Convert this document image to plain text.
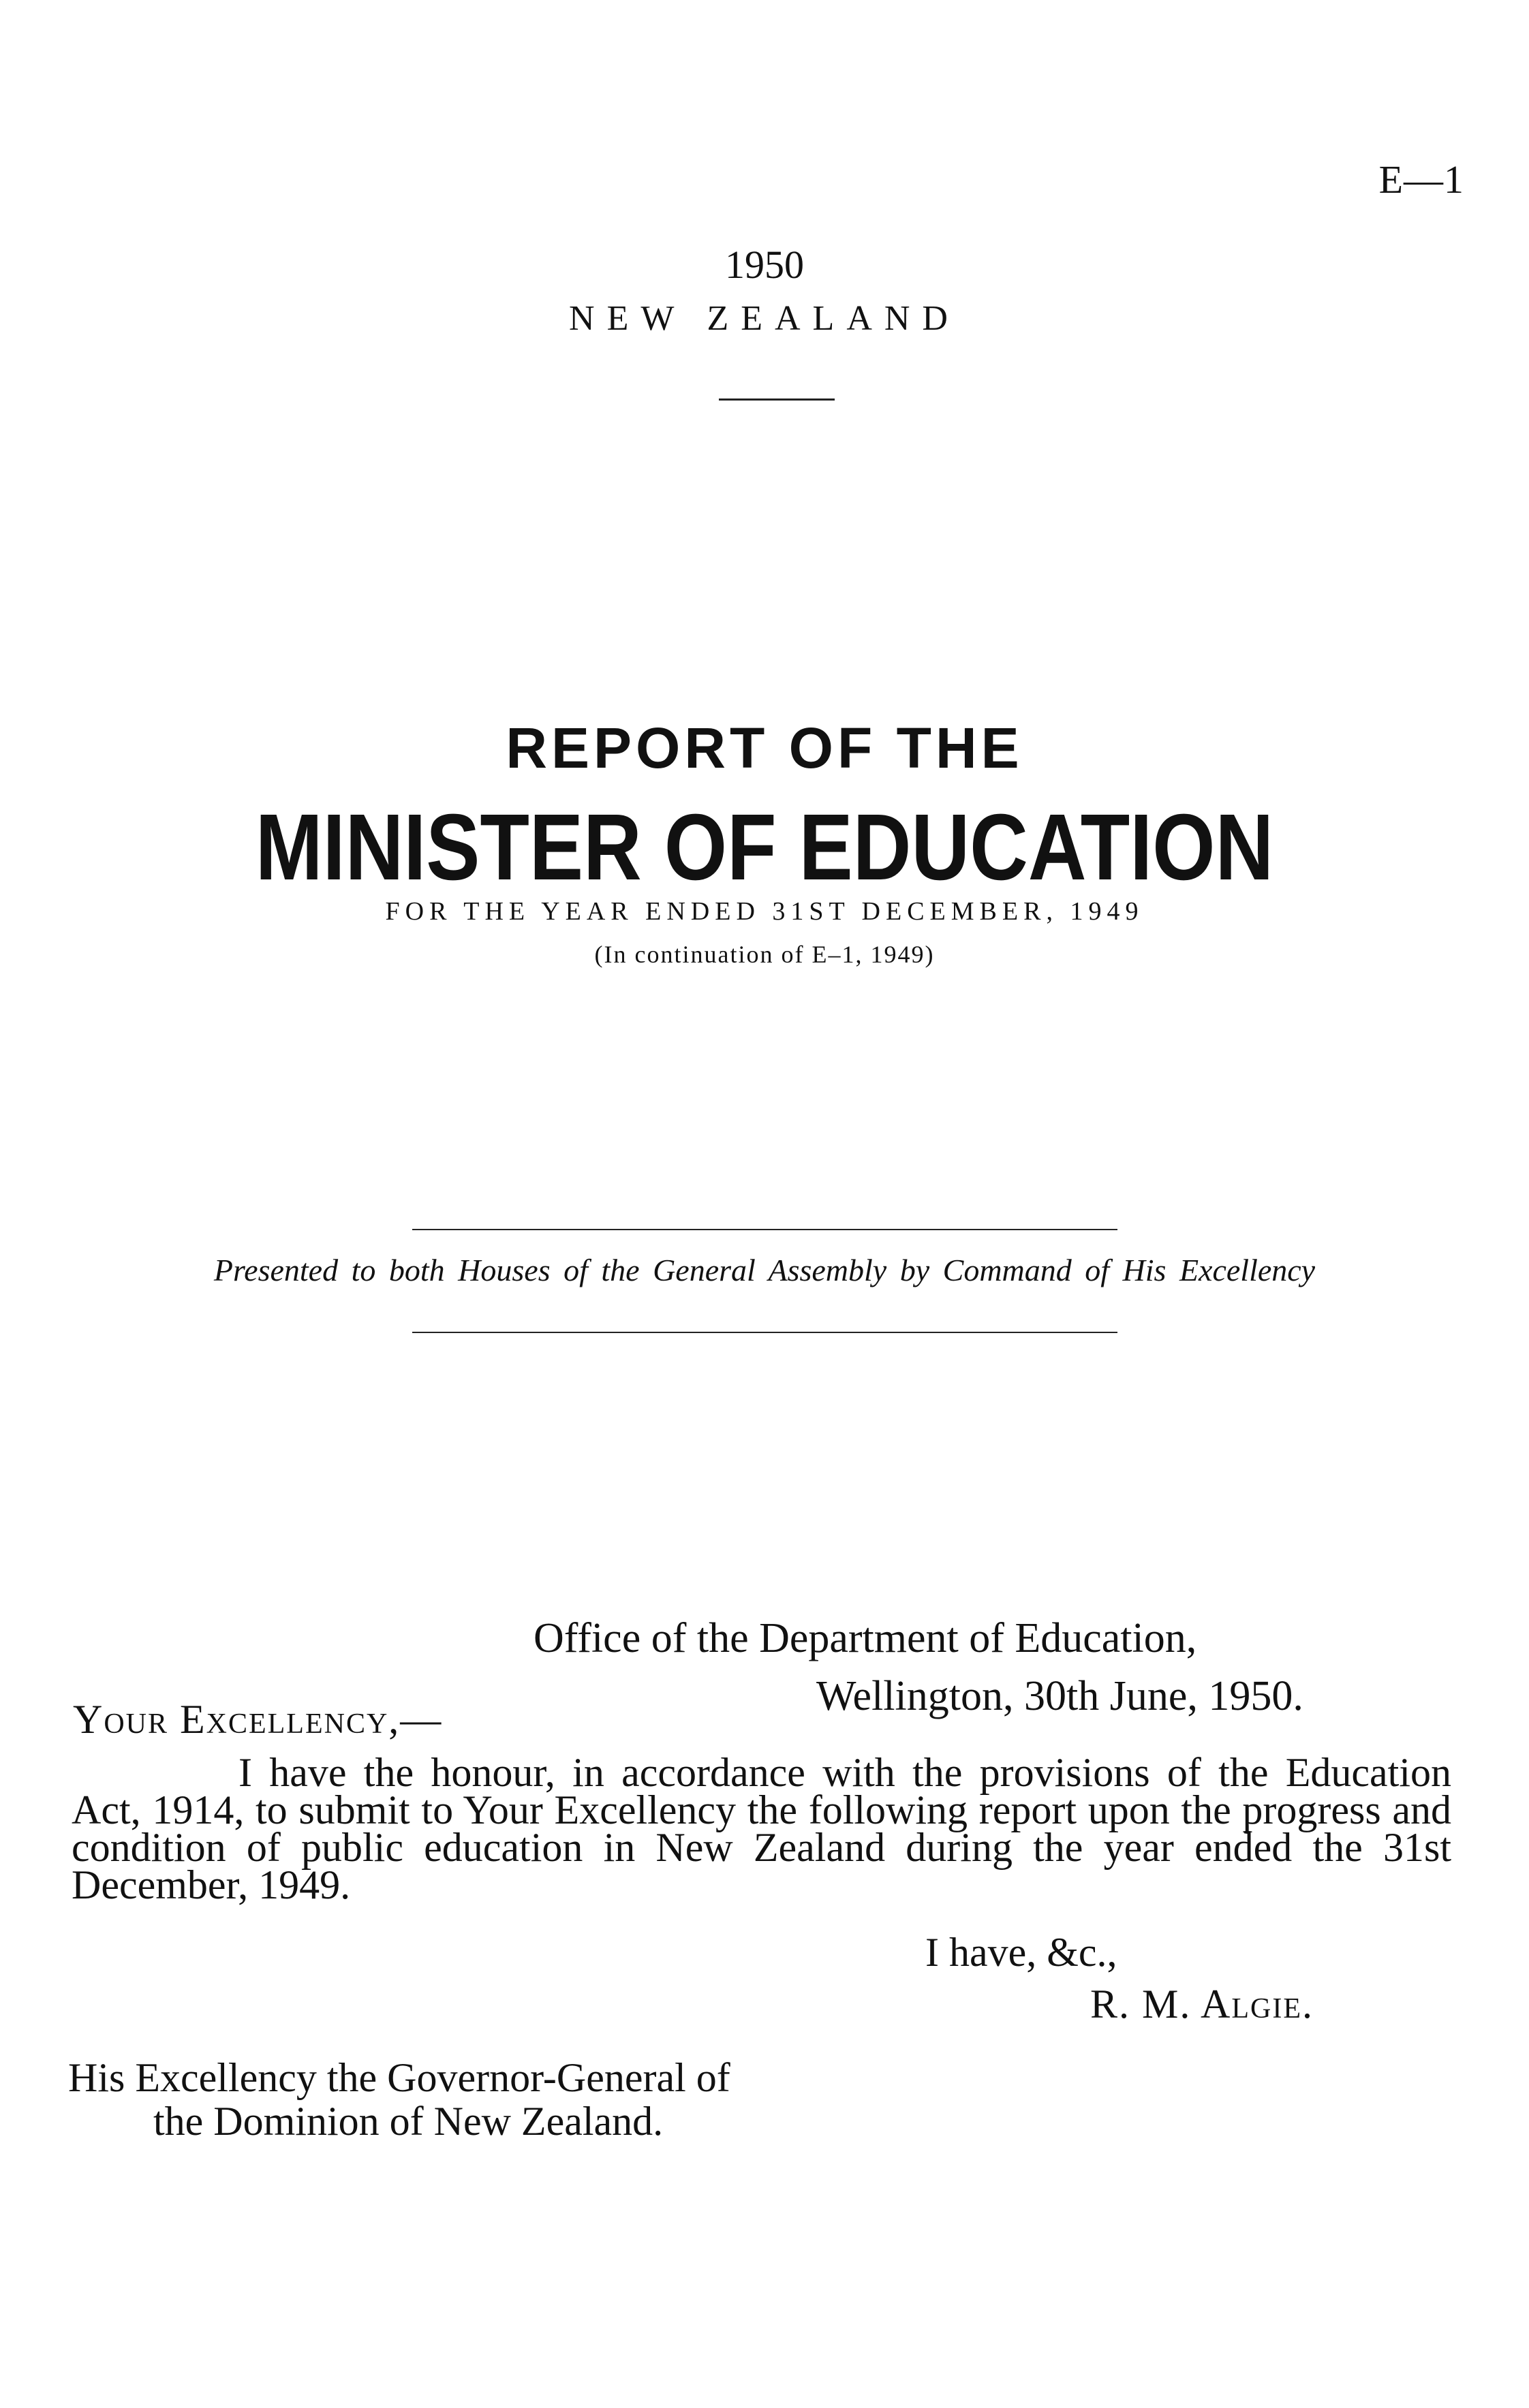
E—1
1950
NEW ZEALAND
REPORT OF THE
MINISTER OF EDUCATION
FOR THE YEAR ENDED 31ST DECEMBER, 1949
(In continuation of E–1, 1949)
Presented to both Houses of the General Assembly by Command of His Excellency
Office of the Department of Education,
Wellington, 30th June, 1950.
Your Excellency,—
I have the honour, in accordance with the provisions of the Education Act, 1914, to submit to Your Excellency the following report upon the progress and condition of public education in New Zealand during the year ended the 31st December, 1949.
I have, &c.,
R. M. Algie.
His Excellency the Governor-General of
the Dominion of New Zealand.
